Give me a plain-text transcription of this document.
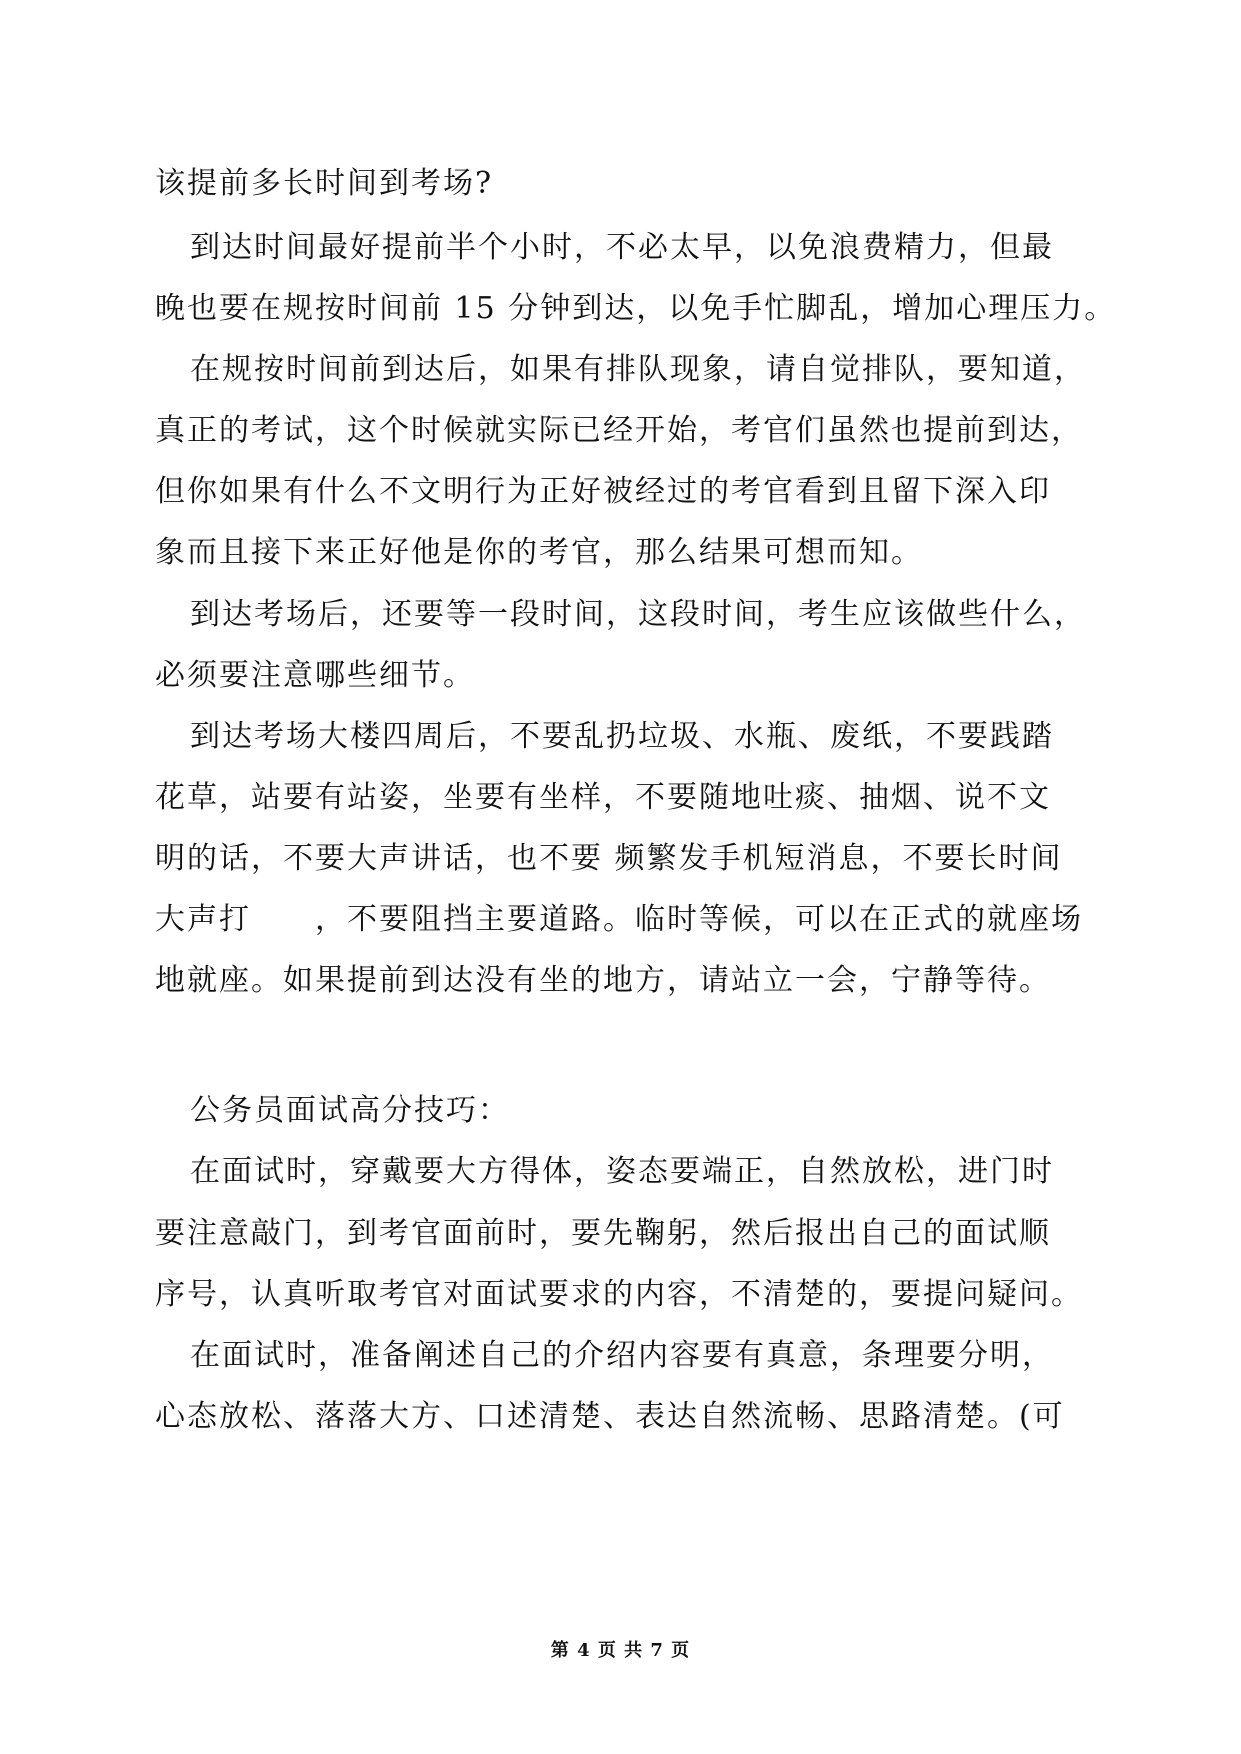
该提前多长时间到考场?
到达时间最好提前半个小时，不必太早，以免浪费精力，但最
晚也要在规按时间前 15 分钟到达，以免手忙脚乱，增加心理压力。
在规按时间前到达后，如果有排队现象，请自觉排队，要知道，
真正的考试，这个时候就实际已经开始，考官们虽然也提前到达，
但你如果有什么不文明行为正好被经过的考官看到且留下深入印
象而且接下来正好他是你的考官，那么结果可想而知。
到达考场后，还要等一段时间，这段时间，考生应该做些什么，
必须要注意哪些细节。
到达考场大楼四周后，不要乱扔垃圾、水瓶、废纸，不要践踏
花草，站要有站姿，坐要有坐样，不要随地吐痰、抽烟、说不文
明的话，不要大声讲话，也不要 频繁发手机短消息，不要长时间
大声打　　，不要阻挡主要道路。临时等候，可以在正式的就座场
地就座。如果提前到达没有坐的地方，请站立一会，宁静等待。
公务员面试高分技巧：
在面试时，穿戴要大方得体，姿态要端正，自然放松，进门时
要注意敲门，到考官面前时，要先鞠躬，然后报出自己的面试顺
序号，认真听取考官对面试要求的内容，不清楚的，要提问疑问。
在面试时，准备阐述自己的介绍内容要有真意，条理要分明，
心态放松、落落大方、口述清楚、表达自然流畅、思路清楚。(可
第 4 页 共 7 页
